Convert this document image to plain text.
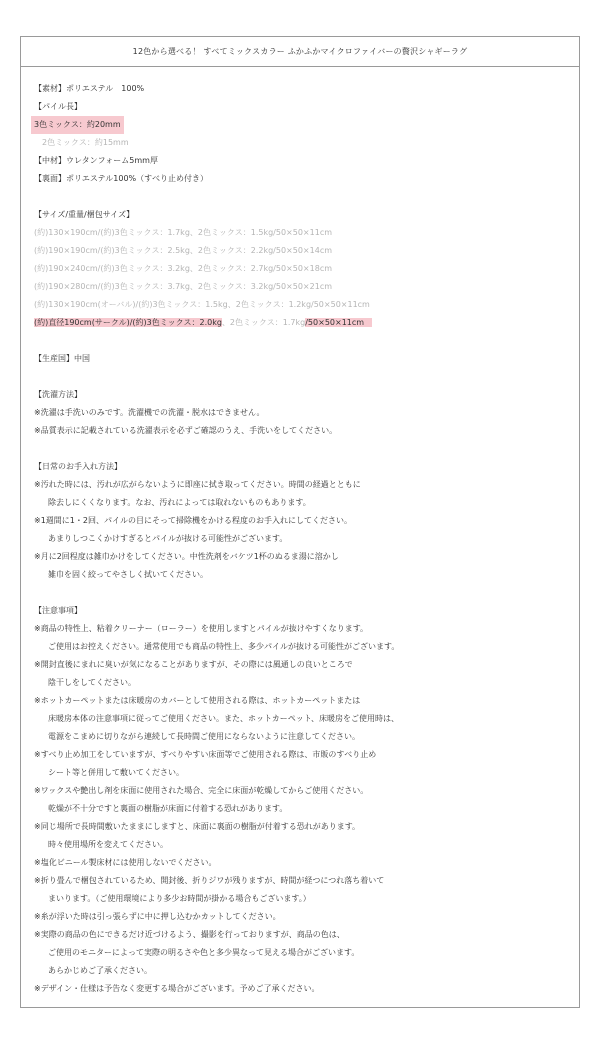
12色から選べる！ すべてミックスカラー ふかふかマイクロファイバーの贅沢シャギーラグ
【素材】ポリエステル　100%
【パイル長】
3色ミックス：約20mm
2色ミックス：約15mm
【中材】ウレタンフォーム5mm厚
【裏面】ポリエステル100%（すべり止め付き）
【サイズ/重量/梱包サイズ】
(約)130×190cm/(約)3色ミックス：1.7kg、2色ミックス：1.5kg/50×50×11cm
(約)190×190cm/(約)3色ミックス：2.5kg、2色ミックス：2.2kg/50×50×14cm
(約)190×240cm/(約)3色ミックス：3.2kg、2色ミックス：2.7kg/50×50×18cm
(約)190×280cm/(約)3色ミックス：3.7kg、2色ミックス：3.2kg/50×50×21cm
(約)130×190cm(オーバル)/(約)3色ミックス：1.5kg、2色ミックス：1.2kg/50×50×11cm
(約)直径190cm(サークル)/(約)3色ミックス：2.0kg、2色ミックス：1.7kg/50×50×11cm
【生産国】中国
【洗濯方法】
※洗濯は手洗いのみです。洗濯機での洗濯・脱水はできません。
※品質表示に記載されている洗濯表示を必ずご確認のうえ、手洗いをしてください。
【日常のお手入れ方法】
※汚れた時には、汚れが広がらないように即座に拭き取ってください。時間の経過とともに
除去しにくくなります。なお、汚れによっては取れないものもあります。
※1週間に1・2回、パイルの目にそって掃除機をかける程度のお手入れにしてください。
あまりしつこくかけすぎるとパイルが抜ける可能性がございます。
※月に2回程度は雑巾かけをしてください。中性洗剤をバケツ1杯のぬるま湯に溶かし
雑巾を固く絞ってやさしく拭いてください。
【注意事項】
※商品の特性上、粘着クリーナー（ローラー）を使用しますとパイルが抜けやすくなります。
ご使用はお控えください。通常使用でも商品の特性上、多少パイルが抜ける可能性がございます。
※開封直後にまれに臭いが気になることがありますが、その際には風通しの良いところで
陰干しをしてください。
※ホットカーペットまたは床暖房のカバーとして使用される際は、ホットカーペットまたは
床暖房本体の注意事項に従ってご使用ください。また、ホットカーペット、床暖房をご使用時は、
電源をこまめに切りながら連続して長時間ご使用にならないように注意してください。
※すべり止め加工をしていますが、すべりやすい床面等でご使用される際は、市販のすべり止め
シート等と併用して敷いてください。
※ワックスや艶出し剤を床面に使用された場合、完全に床面が乾燥してからご使用ください。
乾燥が不十分ですと裏面の樹脂が床面に付着する恐れがあります。
※同じ場所で長時間敷いたままにしますと、床面に裏面の樹脂が付着する恐れがあります。
時々使用場所を変えてください。
※塩化ビニール製床材には使用しないでください。
※折り畳んで梱包されているため、開封後、折りジワが残りますが、時間が経つにつれ落ち着いて
まいります。（ご使用環境により多少お時間が掛かる場合もございます。）
※糸が浮いた時は引っ張らずに中に押し込むかカットしてください。
※実際の商品の色にできるだけ近づけるよう、撮影を行っておりますが、商品の色は、
ご使用のモニターによって実際の明るさや色と多少異なって見える場合がございます。
あらかじめご了承ください。
※デザイン・仕様は予告なく変更する場合がございます。予めご了承ください。
